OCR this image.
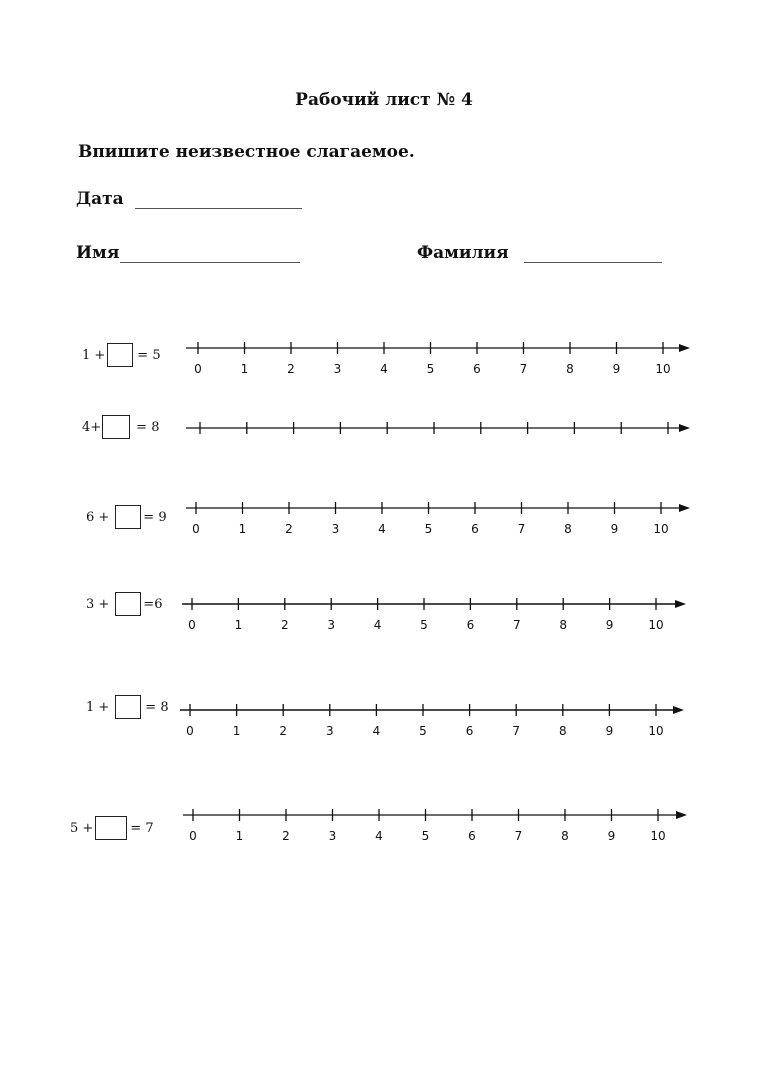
Рабочий лист № 4
Впишите неизвестное слагаемое.
Дата
Имя	Фамилия
1 + = 5
4+	= 8
6 +	= 9
3 +	=6
1 +	= 8
5 +	= 7
0	1	2	3	4	5	6	7	8	9	10
0	1	2	3	4	5	6	7	8	9	10
0	1	2	3	4	5	6	7	8	9	10
0	1	2	3	4	5	6	7	8	9	10
0	1	2	3	4	5	6	7	8	9	10
